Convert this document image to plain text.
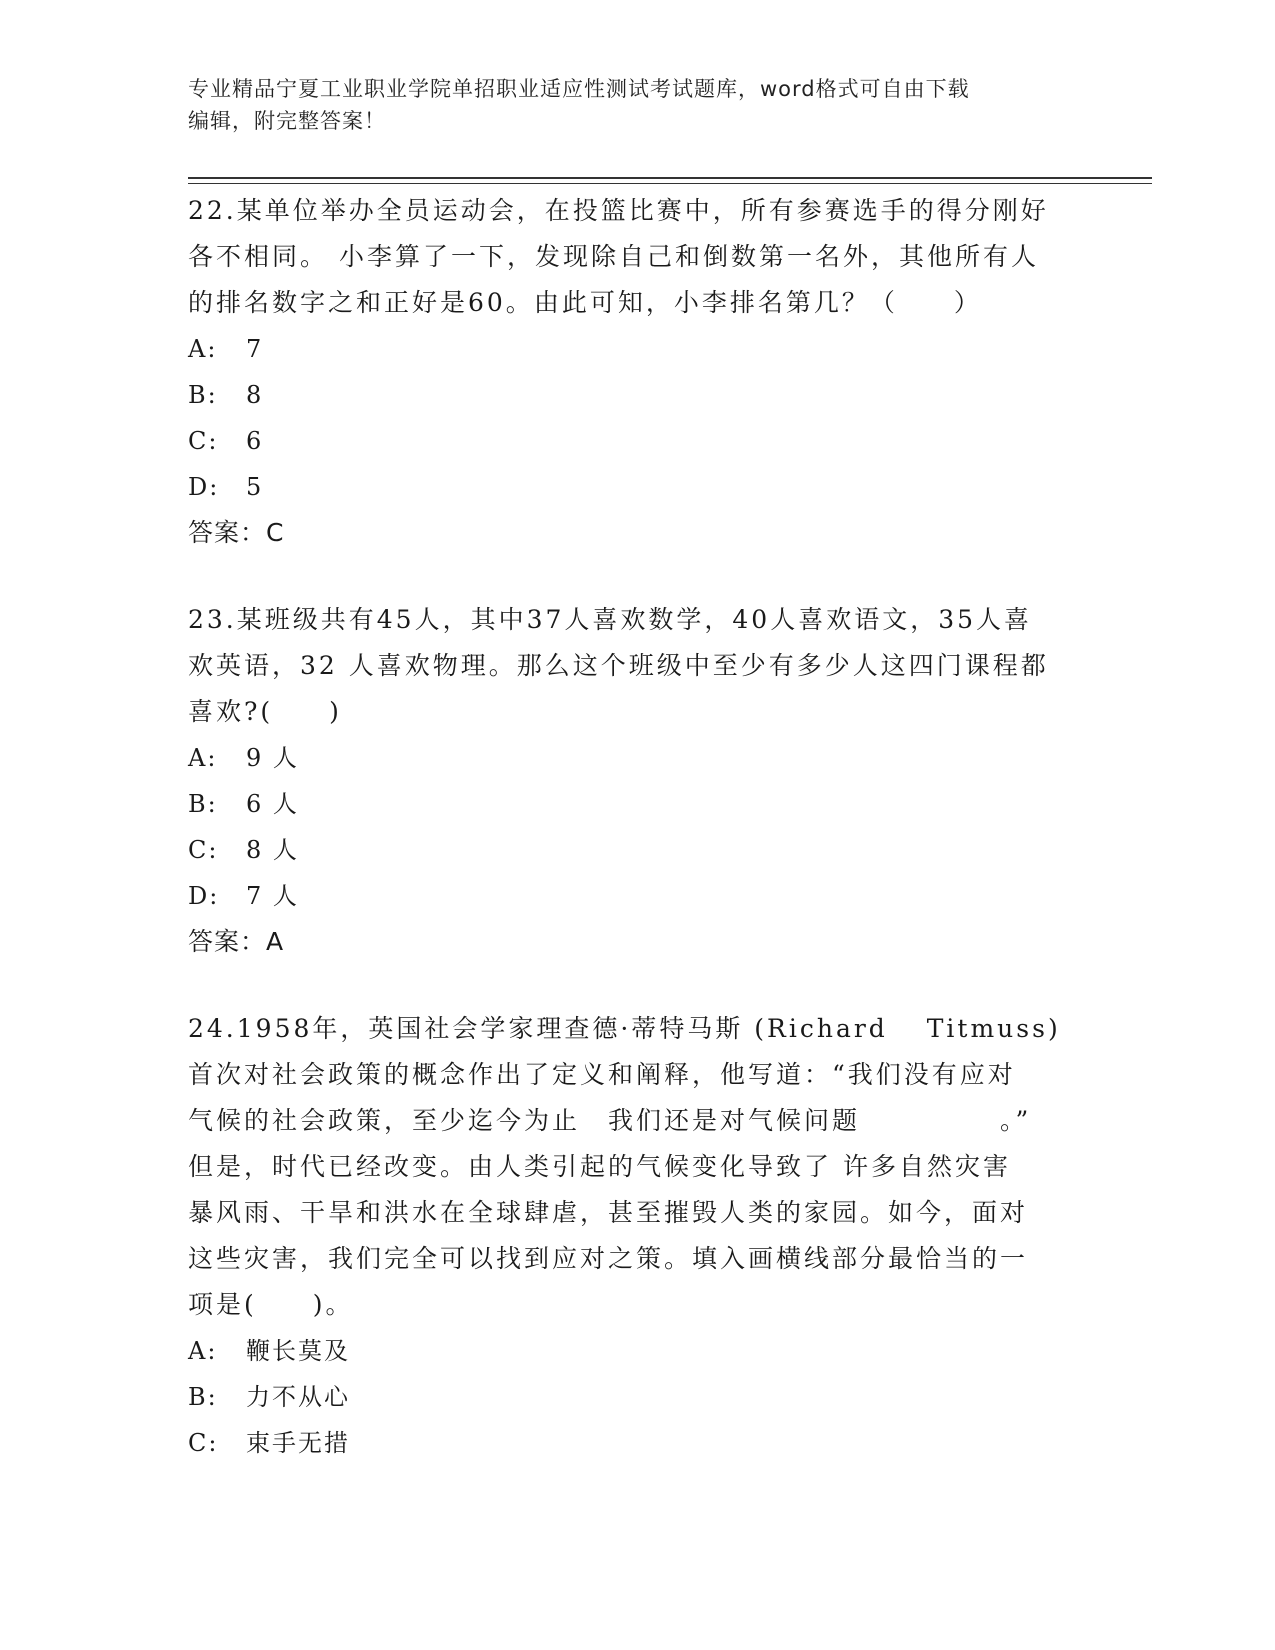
专业精品宁夏工业职业学院单招职业适应性测试考试题库，word格式可自由下载
编辑，附完整答案！
22.某单位举办全员运动会，在投篮比赛中，所有参赛选手的得分刚好
各不相同。 小李算了一下，发现除自己和倒数第一名外，其他所有人
的排名数字之和正好是60。由此可知，小李排名第几？（　　）
A: 7
B: 8
C: 6
D: 5
答案：C
23.某班级共有45人，其中37人喜欢数学，40人喜欢语文，35人喜
欢英语，32 人喜欢物理。那么这个班级中至少有多少人这四门课程都
喜欢?(　　)
A: 9 人
B: 6 人
C: 8 人
D: 7 人
答案：A
24.1958年，英国社会学家理查德·蒂特马斯 (Richard　 Titmuss)
首次对社会政策的概念作出了定义和阐释，他写道：“我们没有应对
气候的社会政策，至少迄今为止　我们还是对气候问题　　　　　。”
但是，时代已经改变。由人类引起的气候变化导致了 许多自然灾害
暴风雨、干旱和洪水在全球肆虐，甚至摧毁人类的家园。如今，面对
这些灾害，我们完全可以找到应对之策。填入画横线部分最恰当的一
项是(　　)。
A: 鞭长莫及
B: 力不从心
C: 束手无措
